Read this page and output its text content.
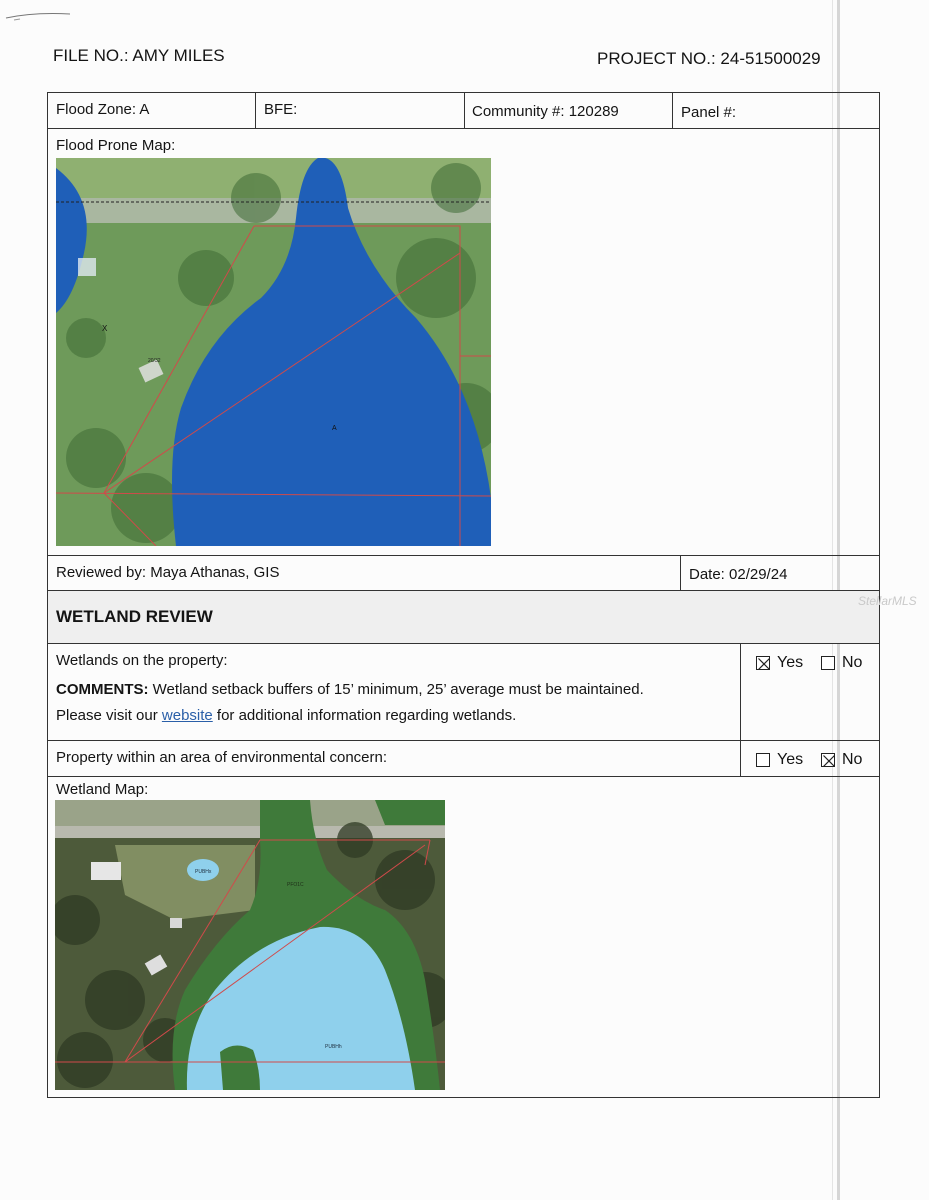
FILE NO.: AMY MILES	PROJECT NO.: 24-51500029
Flood Zone: A	BFE:	Community #: 120289	Panel #:
Flood Prone Map:
X
A
20/32
Reviewed by: Maya Athanas, GIS	Date: 02/29/24
WETLAND REVIEW
StellarMLS
Wetlands on the property:
COMMENTS: Wetland setback buffers of 15’ minimum, 25’ average must be maintained.
Please visit our website for additional information regarding wetlands.
Yes No
Property within an area of environmental concern:	Yes No
Wetland Map:
PUBHx
PFO1C
PUBHh
